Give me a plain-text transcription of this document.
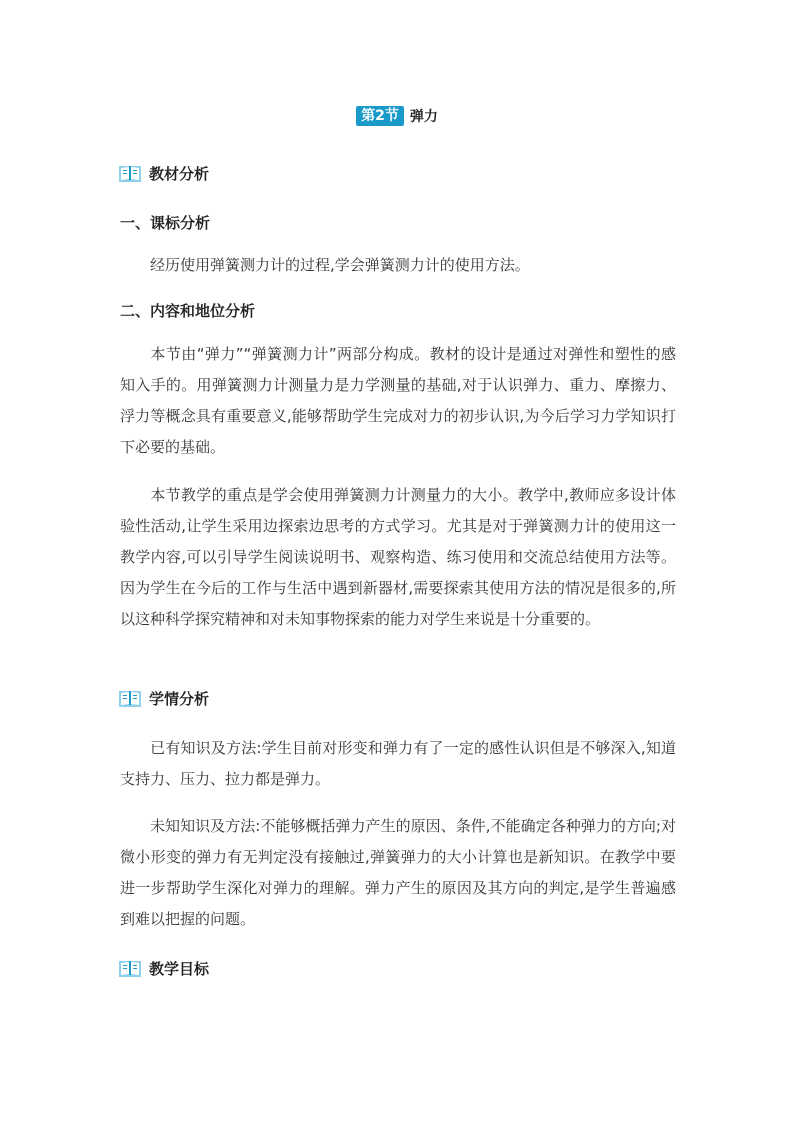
第2节 弹力
教材分析
一、课标分析

经历使用弹簧测力计的过程,学会弹簧测力计的使用方法。

二、内容和地位分析

本节由“弹力”“弹簧测力计”两部分构成。教材的设计是通过对弹性和塑性的感知入手的。用弹簧测力计测量力是力学测量的基础,对于认识弹力、重力、摩擦力、浮力等概念具有重要意义,能够帮助学生完成对力的初步认识,为今后学习力学知识打下必要的基础。

本节教学的重点是学会使用弹簧测力计测量力的大小。教学中,教师应多设计体验性活动,让学生采用边探索边思考的方式学习。尤其是对于弹簧测力计的使用这一教学内容,可以引导学生阅读说明书、观察构造、练习使用和交流总结使用方法等。因为学生在今后的工作与生活中遇到新器材,需要探索其使用方法的情况是很多的,所以这种科学探究精神和对未知事物探索的能力对学生来说是十分重要的。

学情分析

已有知识及方法:学生目前对形变和弹力有了一定的感性认识但是不够深入,知道支持力、压力、拉力都是弹力。

未知知识及方法:不能够概括弹力产生的原因、条件,不能确定各种弹力的方向;对微小形变的弹力有无判定没有接触过,弹簧弹力的大小计算也是新知识。在教学中要进一步帮助学生深化对弹力的理解。弹力产生的原因及其方向的判定,是学生普遍感到难以把握的问题。

教学目标
